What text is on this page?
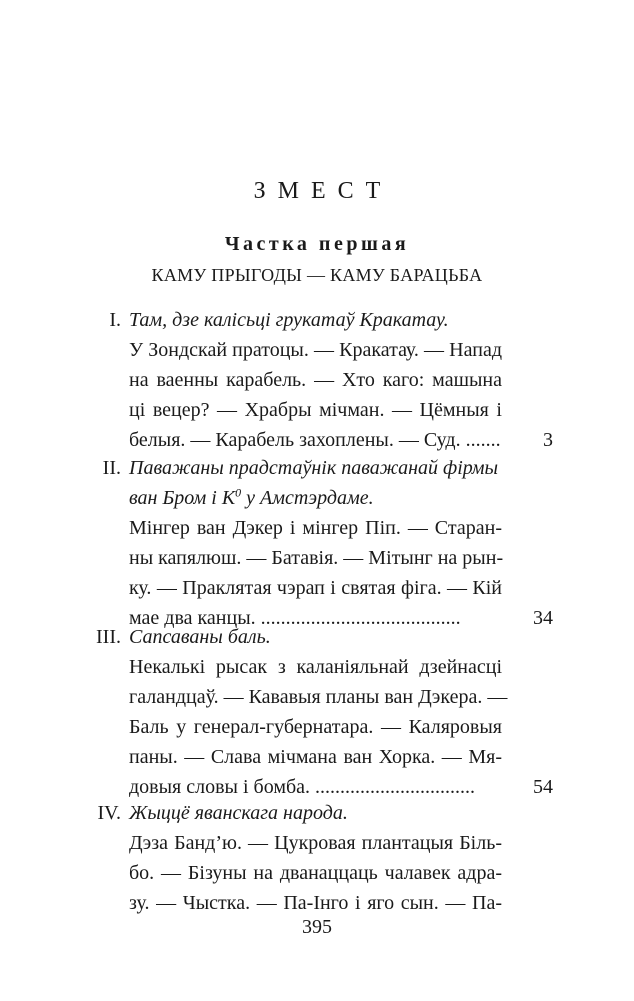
ЗМЕСТ
Частка першая
КАМУ ПРЫГОДЫ — КАМУ БАРАЦЬБА
I. Там, дзе калісьці грукатаў Кракатау.
У Зондскай пратоцы. — Кракатау. — Напад
на ваенны карабель. — Хто каго: машына
ці вецер? — Храбры мічман. — Цёмныя і
белыя. — Карабель захоплены. — Суд. ....... 3
II. Паважаны прадстаўнік паважанай фірмы
ван Бром і $К^0$ у Амстэрдаме.
Мінгер ван Дэкер і мінгер Піп. — Старан-
ны капялюш. — Батавія. — Мітынг на рын-
ку. — Праклятая чэрап і святая фіга. — Кій
мае два канцы. ........................................	34
III. Сапсаваны баль.
Некалькі рысак з каланіяльнай дзейнасці
галандцаў. — Кававыя планы ван Дэкера. —
Баль у генерал-губернатара. — Каляровыя
паны. — Слава мічмана ван Хорка. — Мя-
довыя словы і бомба. ................................	54
IV. Жыццё яванскага народа.
Дэза Банд’ю. — Цукровая плантацыя Біль-
бо. — Бізуны на дванаццаць чалавек адра-
зу. — Чыстка. — Па-Інго і яго сын. — Па-
395
